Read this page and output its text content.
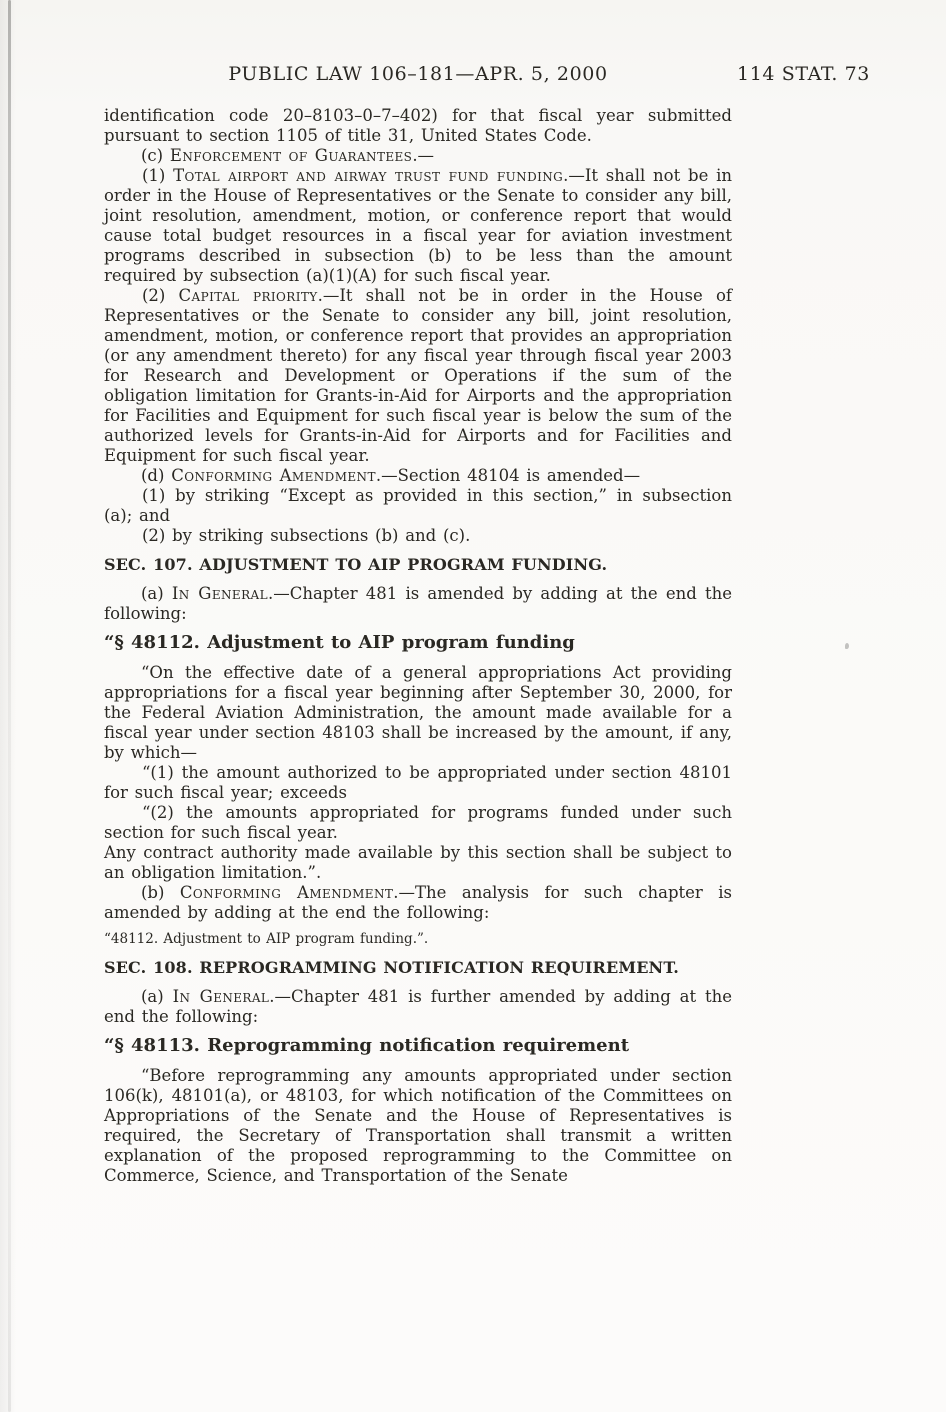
PUBLIC LAW 106–181—APR. 5, 2000	114 STAT. 73

identification code 20–8103–0–7–402) for that fiscal year submitted pursuant to section 1105 of title 31, United States Code.

(c) Enforcement of Guarantees.—

(1) Total airport and airway trust fund funding.—It shall not be in order in the House of Representatives or the Senate to consider any bill, joint resolution, amendment, motion, or conference report that would cause total budget resources in a fiscal year for aviation investment programs described in subsection (b) to be less than the amount required by subsection (a)(1)(A) for such fiscal year.

(2) Capital priority.—It shall not be in order in the House of Representatives or the Senate to consider any bill, joint resolution, amendment, motion, or conference report that provides an appropriation (or any amendment thereto) for any fiscal year through fiscal year 2003 for Research and Development or Operations if the sum of the obligation limitation for Grants-in-Aid for Airports and the appropriation for Facilities and Equipment for such fiscal year is below the sum of the authorized levels for Grants-in-Aid for Airports and for Facilities and Equipment for such fiscal year.

(d) Conforming Amendment.—Section 48104 is amended—

(1) by striking “Except as provided in this section,” in subsection (a); and

(2) by striking subsections (b) and (c).

SEC. 107. ADJUSTMENT TO AIP PROGRAM FUNDING.

(a) In General.—Chapter 481 is amended by adding at the end the following:

“§ 48112. Adjustment to AIP program funding

“On the effective date of a general appropriations Act providing appropriations for a fiscal year beginning after September 30, 2000, for the Federal Aviation Administration, the amount made available for a fiscal year under section 48103 shall be increased by the amount, if any, by which—

“(1) the amount authorized to be appropriated under section 48101 for such fiscal year; exceeds

“(2) the amounts appropriated for programs funded under such section for such fiscal year.

Any contract authority made available by this section shall be subject to an obligation limitation.”.

(b) Conforming Amendment.—The analysis for such chapter is amended by adding at the end the following:

“48112. Adjustment to AIP program funding.”.

SEC. 108. REPROGRAMMING NOTIFICATION REQUIREMENT.

(a) In General.—Chapter 481 is further amended by adding at the end the following:

“§ 48113. Reprogramming notification requirement

“Before reprogramming any amounts appropriated under section 106(k), 48101(a), or 48103, for which notification of the Committees on Appropriations of the Senate and the House of Representatives is required, the Secretary of Transportation shall transmit a written explanation of the proposed reprogramming to the Committee on Commerce, Science, and Transportation of the Senate
